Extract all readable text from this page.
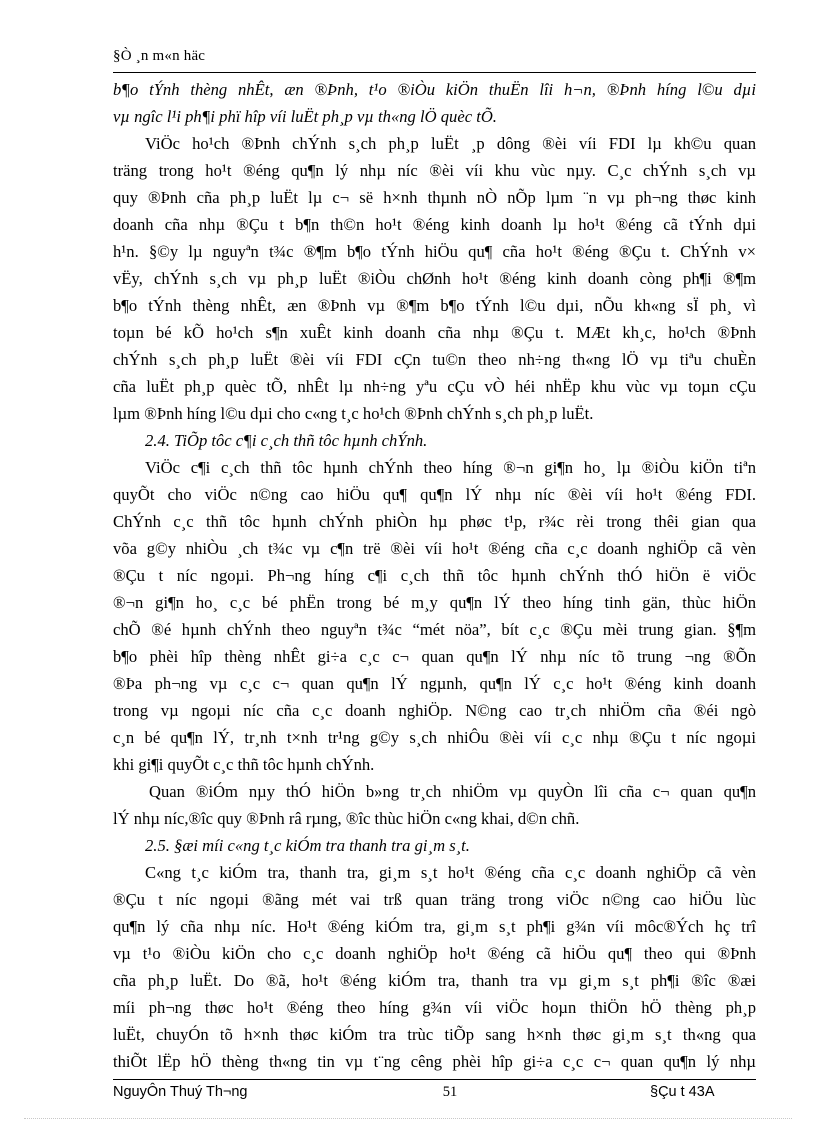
§Ò ¸n m«n häc
b¶o tÝnh thèng nhÊt, æn ®Þnh, t¹o ®iÒu kiÖn thuËn lîi h¬n, ®Þnh híng l©u dµi
vµ ngîc l¹i ph¶i phï hîp víi luËt ph¸p vµ th«ng lÖ quèc tÕ.
ViÖc ho¹ch ®Þnh chÝnh s¸ch ph¸p luËt ¸p dông ®èi víi FDI lµ kh©u quan
träng trong ho¹t ®éng qu¶n lý nhµ níc ®èi víi khu vùc nµy. C¸c chÝnh s¸ch vµ
quy ®Þnh cña ph¸p luËt lµ c¬ së h×nh thµnh nÒ nÕp lµm ¨n vµ ph¬ng thøc kinh
doanh cña nhµ ®Çu t b¶n th©n ho¹t ®éng kinh doanh lµ ho¹t ®éng cã tÝnh dµi
h¹n. §©y lµ nguyªn t¾c ®¶m b¶o tÝnh hiÖu qu¶ cña ho¹t ®éng ®Çu t. ChÝnh v×
vËy, chÝnh s¸ch vµ ph¸p luËt ®iÒu chØnh ho¹t ®éng kinh doanh còng ph¶i ®¶m
b¶o tÝnh thèng nhÊt, æn ®Þnh vµ ®¶m b¶o tÝnh l©u dµi, nÕu kh«ng sÏ ph¸ vì
toµn bé kÕ ho¹ch s¶n xuÊt kinh doanh cña nhµ ®Çu t. MÆt kh¸c, ho¹ch ®Þnh
chÝnh s¸ch ph¸p luËt ®èi víi FDI cÇn tu©n theo nh÷ng th«ng lÖ vµ tiªu chuÈn
cña luËt ph¸p quèc tÕ, nhÊt lµ nh÷ng yªu cÇu vÒ héi nhËp khu vùc vµ toµn cÇu
lµm ®Þnh híng l©u dµi cho c«ng t¸c ho¹ch ®Þnh chÝnh s¸ch ph¸p luËt.
2.4. TiÕp tôc c¶i c¸ch thñ tôc hµnh chÝnh.
ViÖc c¶i c¸ch thñ tôc hµnh chÝnh theo híng ®¬n gi¶n ho¸ lµ ®iÒu kiÖn tiªn
quyÕt cho viÖc n©ng cao hiÖu qu¶ qu¶n lÝ nhµ níc ®èi víi ho¹t ®éng FDI.
ChÝnh c¸c thñ tôc hµnh chÝnh phiÒn hµ phøc t¹p, r¾c rèi trong thêi gian qua
võa g©y nhiÒu ¸ch t¾c vµ c¶n trë ®èi víi ho¹t ®éng cña c¸c doanh nghiÖp cã vèn
®Çu t níc ngoµi. Ph¬ng híng c¶i c¸ch thñ tôc hµnh chÝnh thÓ hiÖn ë viÖc
®¬n gi¶n ho¸ c¸c bé phËn trong bé m¸y qu¶n lÝ theo híng tinh gän, thùc hiÖn
chÕ ®é hµnh chÝnh theo nguyªn t¾c “mét nöa”, bít c¸c ®Çu mèi trung gian. §¶m
b¶o phèi hîp thèng nhÊt gi÷a c¸c c¬ quan qu¶n lÝ nhµ níc tõ trung ¬ng ®Õn
®Þa ph¬ng vµ c¸c c¬ quan qu¶n lÝ ngµnh, qu¶n lÝ c¸c ho¹t ®éng kinh doanh
trong vµ ngoµi níc cña c¸c doanh nghiÖp. N©ng cao tr¸ch nhiÖm cña ®éi ngò
c¸n bé qu¶n lÝ, tr¸nh t×nh tr¹ng g©y s¸ch nhiÔu ®èi víi c¸c nhµ ®Çu t níc ngoµi
khi gi¶i quyÕt c¸c thñ tôc hµnh chÝnh.
Quan ®iÓm nµy thÓ hiÖn b»ng tr¸ch nhiÖm vµ quyÒn lîi cña c¬ quan qu¶n
lÝ nhµ níc,®îc quy ®Þnh râ rµng, ®îc thùc hiÖn c«ng khai, d©n chñ.
2.5. §æi míi c«ng t¸c kiÓm tra thanh tra gi¸m s¸t.
C«ng t¸c kiÓm tra, thanh tra, gi¸m s¸t ho¹t ®éng cña c¸c doanh nghiÖp cã vèn
®Çu t níc ngoµi ®ãng mét vai trß quan träng trong viÖc n©ng cao hiÖu lùc
qu¶n lý cña nhµ níc. Ho¹t ®éng kiÓm tra, gi¸m s¸t ph¶i g¾n víi môc®Ých hç trî
vµ t¹o ®iÒu kiÖn cho c¸c doanh nghiÖp ho¹t ®éng cã hiÖu qu¶ theo qui ®Þnh
cña ph¸p luËt. Do ®ã, ho¹t ®éng kiÓm tra, thanh tra vµ gi¸m s¸t ph¶i ®îc ®æi
míi ph¬ng thøc ho¹t ®éng theo híng g¾n víi viÖc hoµn thiÖn hÖ thèng ph¸p
luËt, chuyÓn tõ h×nh thøc kiÓm tra trùc tiÕp sang h×nh thøc gi¸m s¸t th«ng qua
thiÕt lËp hÖ thèng th«ng tin vµ t¨ng cêng phèi hîp gi÷a c¸c c¬ quan qu¶n lý nhµ
NguyÔn Thuý Th¬ng	51	§Çu t 43A
